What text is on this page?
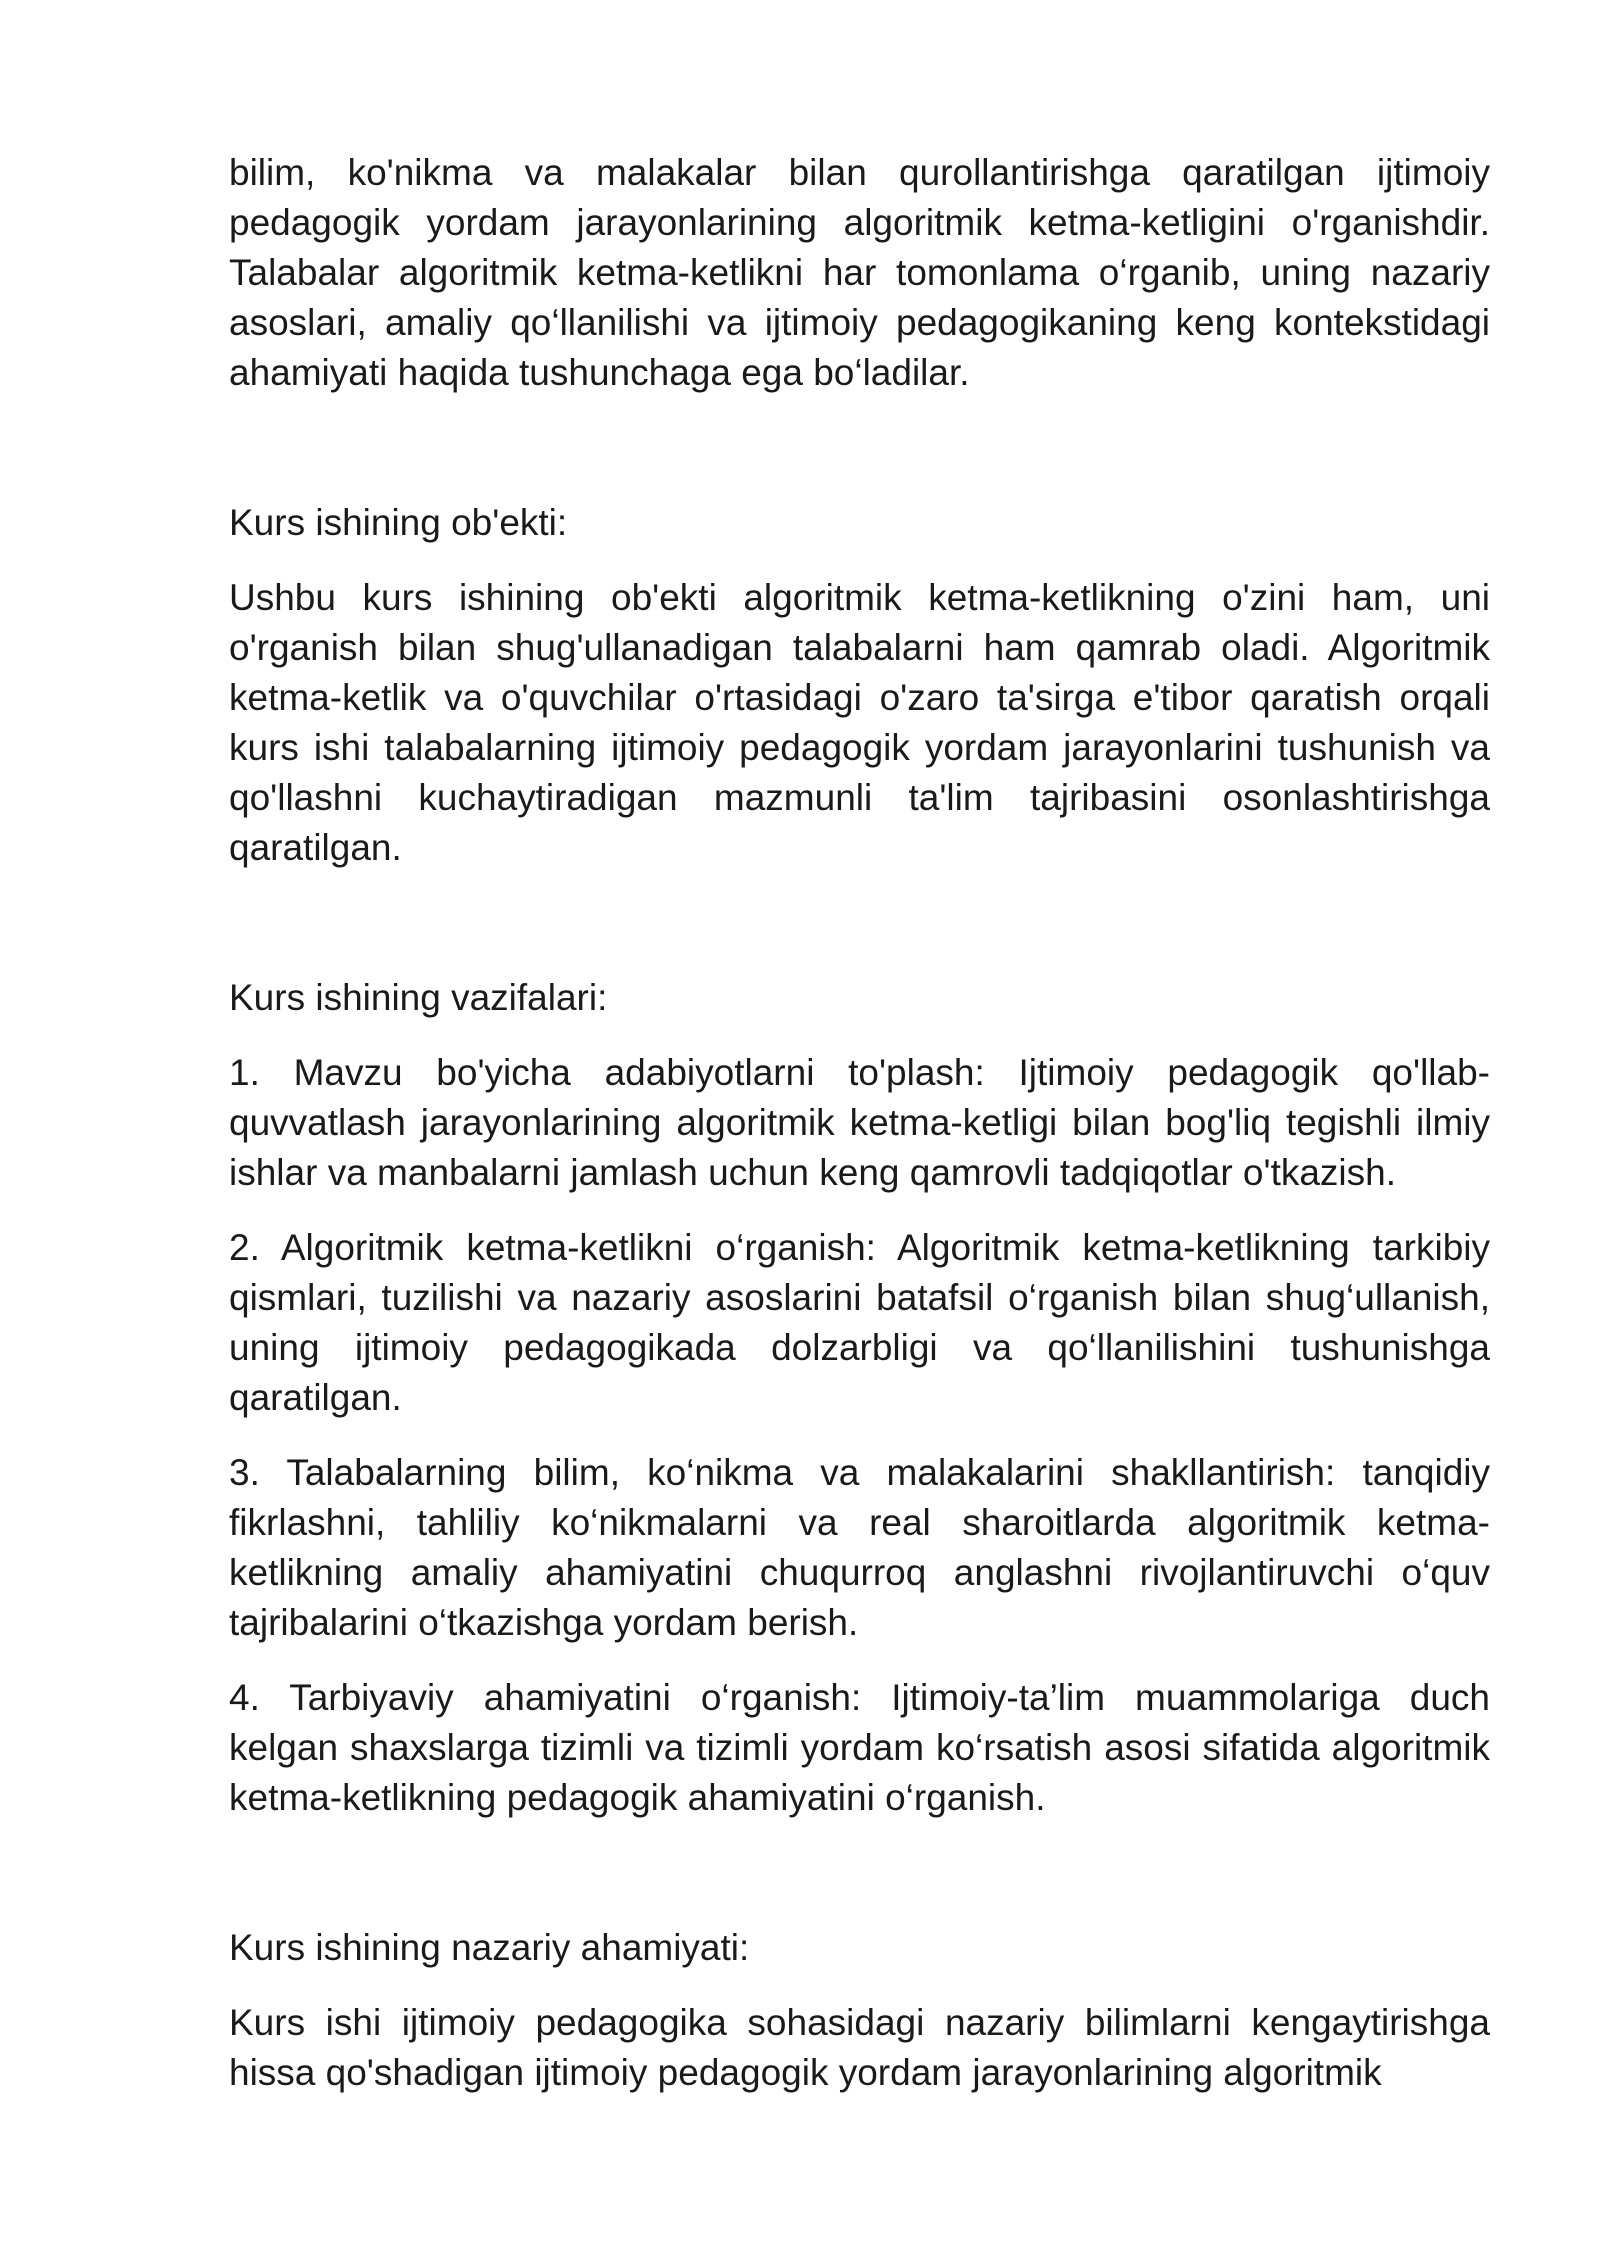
bilim, ko'nikma va malakalar bilan qurollantirishga qaratilgan ijtimoiy pedagogik yordam jarayonlarining algoritmik ketma-ketligini o'rganishdir. Talabalar algoritmik ketma-ketlikni har tomonlama o‘rganib, uning nazariy asoslari, amaliy qo‘llanilishi va ijtimoiy pedagogikaning keng kontekstidagi ahamiyati haqida tushunchaga ega bo‘ladilar.

Kurs ishining ob'ekti:

Ushbu kurs ishining ob'ekti algoritmik ketma-ketlikning o'zini ham, uni o'rganish bilan shug'ullanadigan talabalarni ham qamrab oladi. Algoritmik ketma-ketlik va o'quvchilar o'rtasidagi o'zaro ta'sirga e'tibor qaratish orqali kurs ishi talabalarning ijtimoiy pedagogik yordam jarayonlarini tushunish va qo'llashni kuchaytiradigan mazmunli ta'lim tajribasini osonlashtirishga qaratilgan.

Kurs ishining vazifalari:

1. Mavzu bo'yicha adabiyotlarni to'plash: Ijtimoiy pedagogik qo'llab-quvvatlash jarayonlarining algoritmik ketma-ketligi bilan bog'liq tegishli ilmiy ishlar va manbalarni jamlash uchun keng qamrovli tadqiqotlar o'tkazish.

2. Algoritmik ketma-ketlikni o‘rganish: Algoritmik ketma-ketlikning tarkibiy qismlari, tuzilishi va nazariy asoslarini batafsil o‘rganish bilan shug‘ullanish, uning ijtimoiy pedagogikada dolzarbligi va qo‘llanilishini tushunishga qaratilgan.

3. Talabalarning bilim, ko‘nikma va malakalarini shakllantirish: tanqidiy fikrlashni, tahliliy ko‘nikmalarni va real sharoitlarda algoritmik ketma-ketlikning amaliy ahamiyatini chuqurroq anglashni rivojlantiruvchi o‘quv tajribalarini o‘tkazishga yordam berish.

4. Tarbiyaviy ahamiyatini o‘rganish: Ijtimoiy-ta’lim muammolariga duch kelgan shaxslarga tizimli va tizimli yordam ko‘rsatish asosi sifatida algoritmik ketma-ketlikning pedagogik ahamiyatini o‘rganish.

Kurs ishining nazariy ahamiyati:

Kurs ishi ijtimoiy pedagogika sohasidagi nazariy bilimlarni kengaytirishga hissa qo'shadigan ijtimoiy pedagogik yordam jarayonlarining algoritmik
